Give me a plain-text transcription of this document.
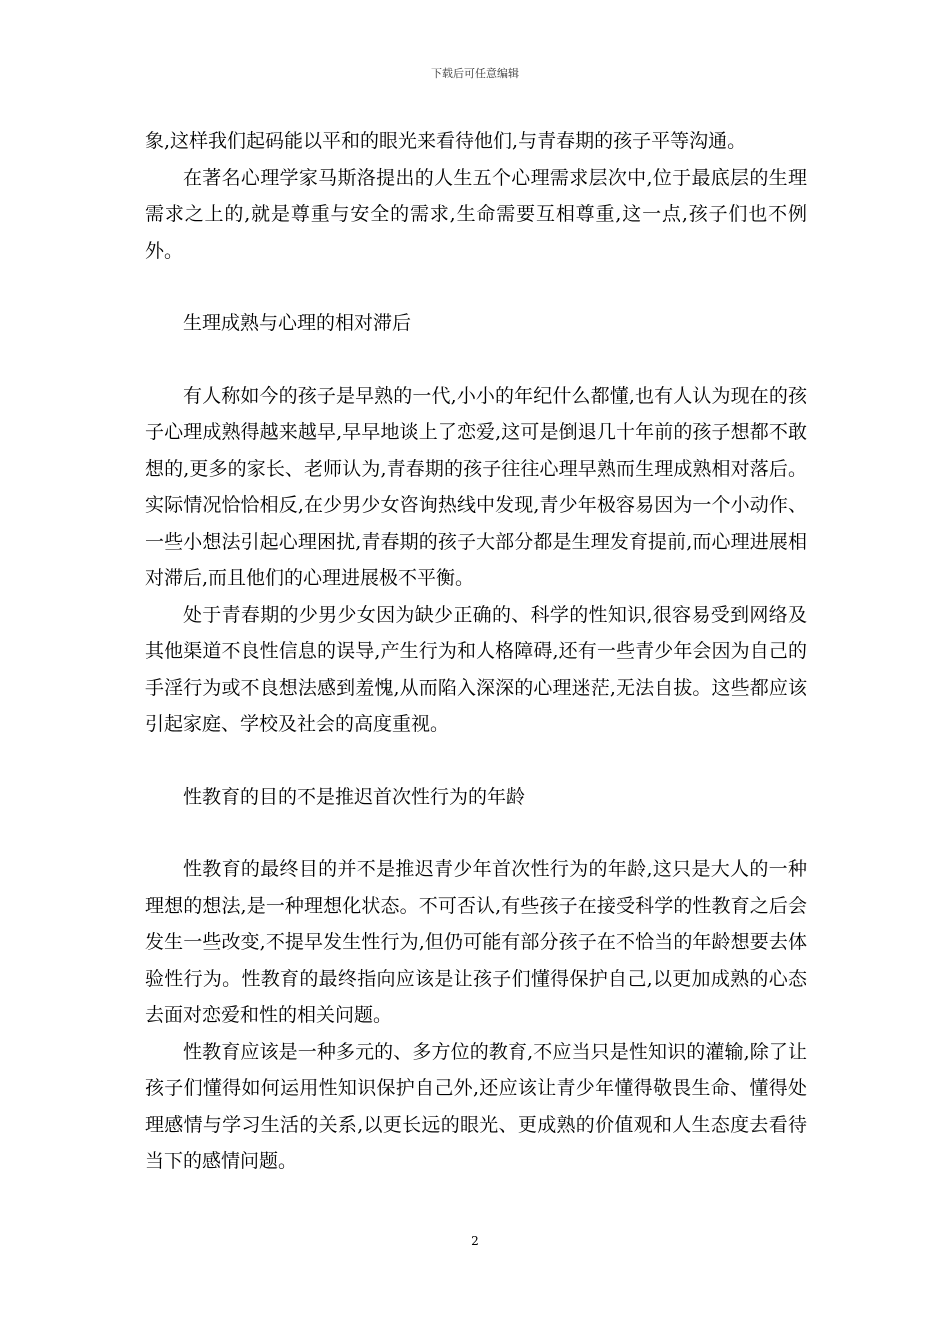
下载后可任意编辑

象,这样我们起码能以平和的眼光来看待他们,与青春期的孩子平等沟通。

在著名心理学家马斯洛提出的人生五个心理需求层次中,位于最底层的生理需求之上的,就是尊重与安全的需求,生命需要互相尊重,这一点,孩子们也不例外。

生理成熟与心理的相对滞后

有人称如今的孩子是早熟的一代,小小的年纪什么都懂,也有人认为现在的孩子心理成熟得越来越早,早早地谈上了恋爱,这可是倒退几十年前的孩子想都不敢想的,更多的家长、老师认为,青春期的孩子往往心理早熟而生理成熟相对落后。实际情况恰恰相反,在少男少女咨询热线中发现,青少年极容易因为一个小动作、一些小想法引起心理困扰,青春期的孩子大部分都是生理发育提前,而心理进展相对滞后,而且他们的心理进展极不平衡。

处于青春期的少男少女因为缺少正确的、科学的性知识,很容易受到网络及其他渠道不良性信息的误导,产生行为和人格障碍,还有一些青少年会因为自己的手淫行为或不良想法感到羞愧,从而陷入深深的心理迷茫,无法自拔。这些都应该引起家庭、学校及社会的高度重视。

性教育的目的不是推迟首次性行为的年龄

性教育的最终目的并不是推迟青少年首次性行为的年龄,这只是大人的一种理想的想法,是一种理想化状态。不可否认,有些孩子在接受科学的性教育之后会发生一些改变,不提早发生性行为,但仍可能有部分孩子在不恰当的年龄想要去体验性行为。性教育的最终指向应该是让孩子们懂得保护自己,以更加成熟的心态去面对恋爱和性的相关问题。

性教育应该是一种多元的、多方位的教育,不应当只是性知识的灌输,除了让孩子们懂得如何运用性知识保护自己外,还应该让青少年懂得敬畏生命、懂得处理感情与学习生活的关系,以更长远的眼光、更成熟的价值观和人生态度去看待当下的感情问题。

2
